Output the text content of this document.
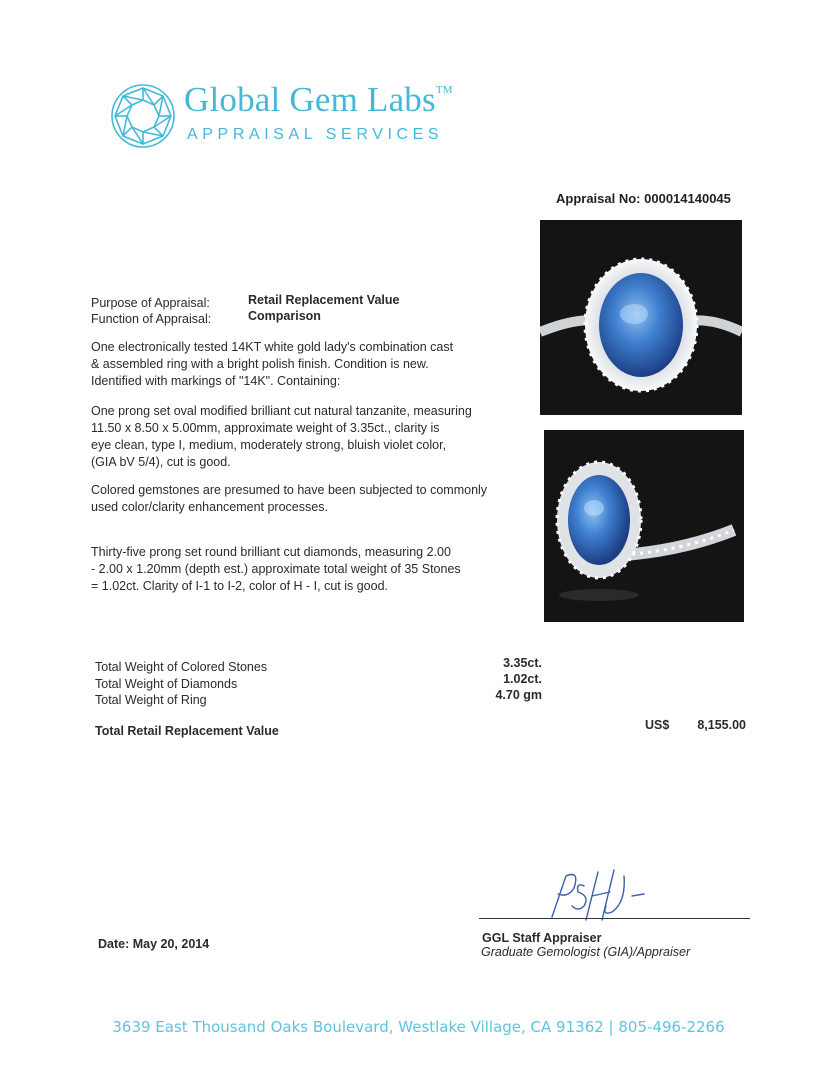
Global Gem Labs™
APPRAISAL SERVICES
Appraisal No: 000014140045
Purpose of Appraisal:	Retail Replacement Value
Function of Appraisal:	Comparison
One electronically tested 14KT white gold lady's combination cast
& assembled ring with a bright polish finish. Condition is new.
Identified with markings of "14K". Containing:
One prong set oval modified brilliant cut natural tanzanite, measuring
11.50 x 8.50 x 5.00mm, approximate weight of 3.35ct., clarity is
eye clean, type I, medium, moderately strong, bluish violet color,
(GIA bV 5/4), cut is good.
Colored gemstones are presumed to have been subjected to commonly
used color/clarity enhancement processes.
Thirty-five prong set round brilliant cut diamonds, measuring 2.00
- 2.00 x 1.20mm (depth est.) approximate total weight of 35 Stones
= 1.02ct. Clarity of I-1 to I-2, color of H - I, cut is good.
Total Weight of Colored Stones	3.35ct.
Total Weight of Diamonds	1.02ct.
Total Weight of Ring	4.70 gm
Total Retail Replacement Value	US$	8,155.00
Date: May 20, 2014	GGL Staff Appraiser
Graduate Gemologist (GIA)/Appraiser
3639 East Thousand Oaks Boulevard, Westlake Village, CA 91362 | 805-496-2266
